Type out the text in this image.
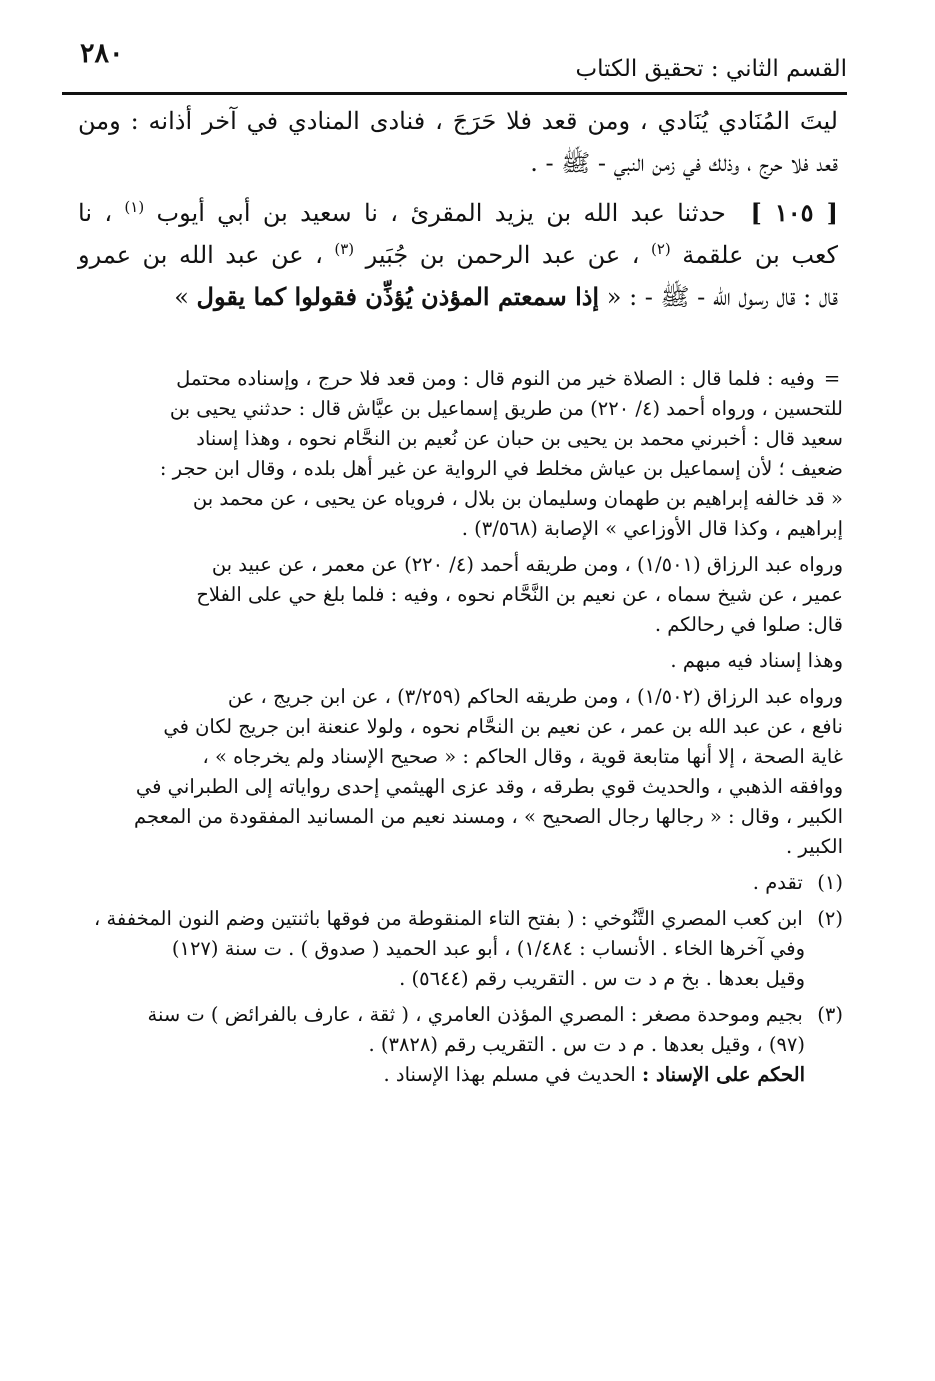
٢٨٠	القسم الثاني : تحقيق الكتاب

ليتَ المُنَادي يُنَادي ، ومن قعد فلا حَرَجَ ، فنادى المنادي في آخر أذانه : ومن
قعد فلا حرج ، وذلك في زمن النبي - ﷺ - .

[ ١٠٥ ]  حدثنا عبد الله بن يزيد المقرئ ، نا سعيد بن أبي أيوب $^{(١)}$ ، نا
كعب بن علقمة $^{(٢)}$ ، عن عبد الرحمن بن جُبَير $^{(٣)}$ ، عن عبد الله بن عمرو
قال : قال رسول الله - ﷺ - : « إذا سمعتم المؤذن يُؤذِّن فقولوا كما يقول »

= وفيه : فلما قال : الصلاة خير من النوم قال : ومن قعد فلا حرج ، وإسناده محتمل
للتحسين ، ورواه أحمد (٤/ ٢٢٠) من طريق إسماعيل بن عيَّاش قال : حدثني يحيى بن
سعيد قال : أخبرني محمد بن يحيى بن حبان عن نُعيم بن النحَّام نحوه ، وهذا إسناد
ضعيف ؛ لأن إسماعيل بن عياش مخلط في الرواية عن غير أهل بلده ، وقال ابن حجر :
« قد خالفه إبراهيم بن طهمان وسليمان بن بلال ، فروياه عن يحيى ، عن محمد بن
إبراهيم ، وكذا قال الأوزاعي » الإصابة (٣/٥٦٨) .

ورواه عبد الرزاق (١/٥٠١) ، ومن طريقه أحمد (٤/ ٢٢٠) عن معمر ، عن عبيد بن
عمير ، عن شيخ سماه ، عن نعيم بن النَّحَّام نحوه ، وفيه : فلما بلغ حي على الفلاح
قال: صلوا في رحالكم .

وهذا إسناد فيه مبهم .

ورواه عبد الرزاق (١/٥٠٢) ، ومن طريقه الحاكم (٣/٢٥٩) ، عن ابن جريج ، عن
نافع ، عن عبد الله بن عمر ، عن نعيم بن النحَّام نحوه ، ولولا عنعنة ابن جريج لكان في
غاية الصحة ، إلا أنها متابعة قوية ، وقال الحاكم : « صحيح الإسناد ولم يخرجاه » ،
ووافقه الذهبي ، والحديث قوي بطرقه ، وقد عزى الهيثمي إحدى رواياته إلى الطبراني في
الكبير ، وقال : « رجالها رجال الصحيح » ، ومسند نعيم من المسانيد المفقودة من المعجم
الكبير .

(١) تقدم .

(٢) ابن كعب المصري التَّنُوخي : ( بفتح التاء المنقوطة من فوقها باثنتين وضم النون المخففة ،
وفي آخرها الخاء . الأنساب : ١/٤٨٤) ، أبو عبد الحميد ( صدوق ) . ت سنة (١٢٧)
وقيل بعدها . بخ م د ت س . التقريب رقم (٥٦٤٤) .

(٣) بجيم وموحدة مصغر : المصري المؤذن العامري ، ( ثقة ، عارف بالفرائض ) ت سنة
(٩٧) ، وقيل بعدها . م د ت س . التقريب رقم (٣٨٢٨) .
الحكم على الإسناد : الحديث في مسلم بهذا الإسناد .
